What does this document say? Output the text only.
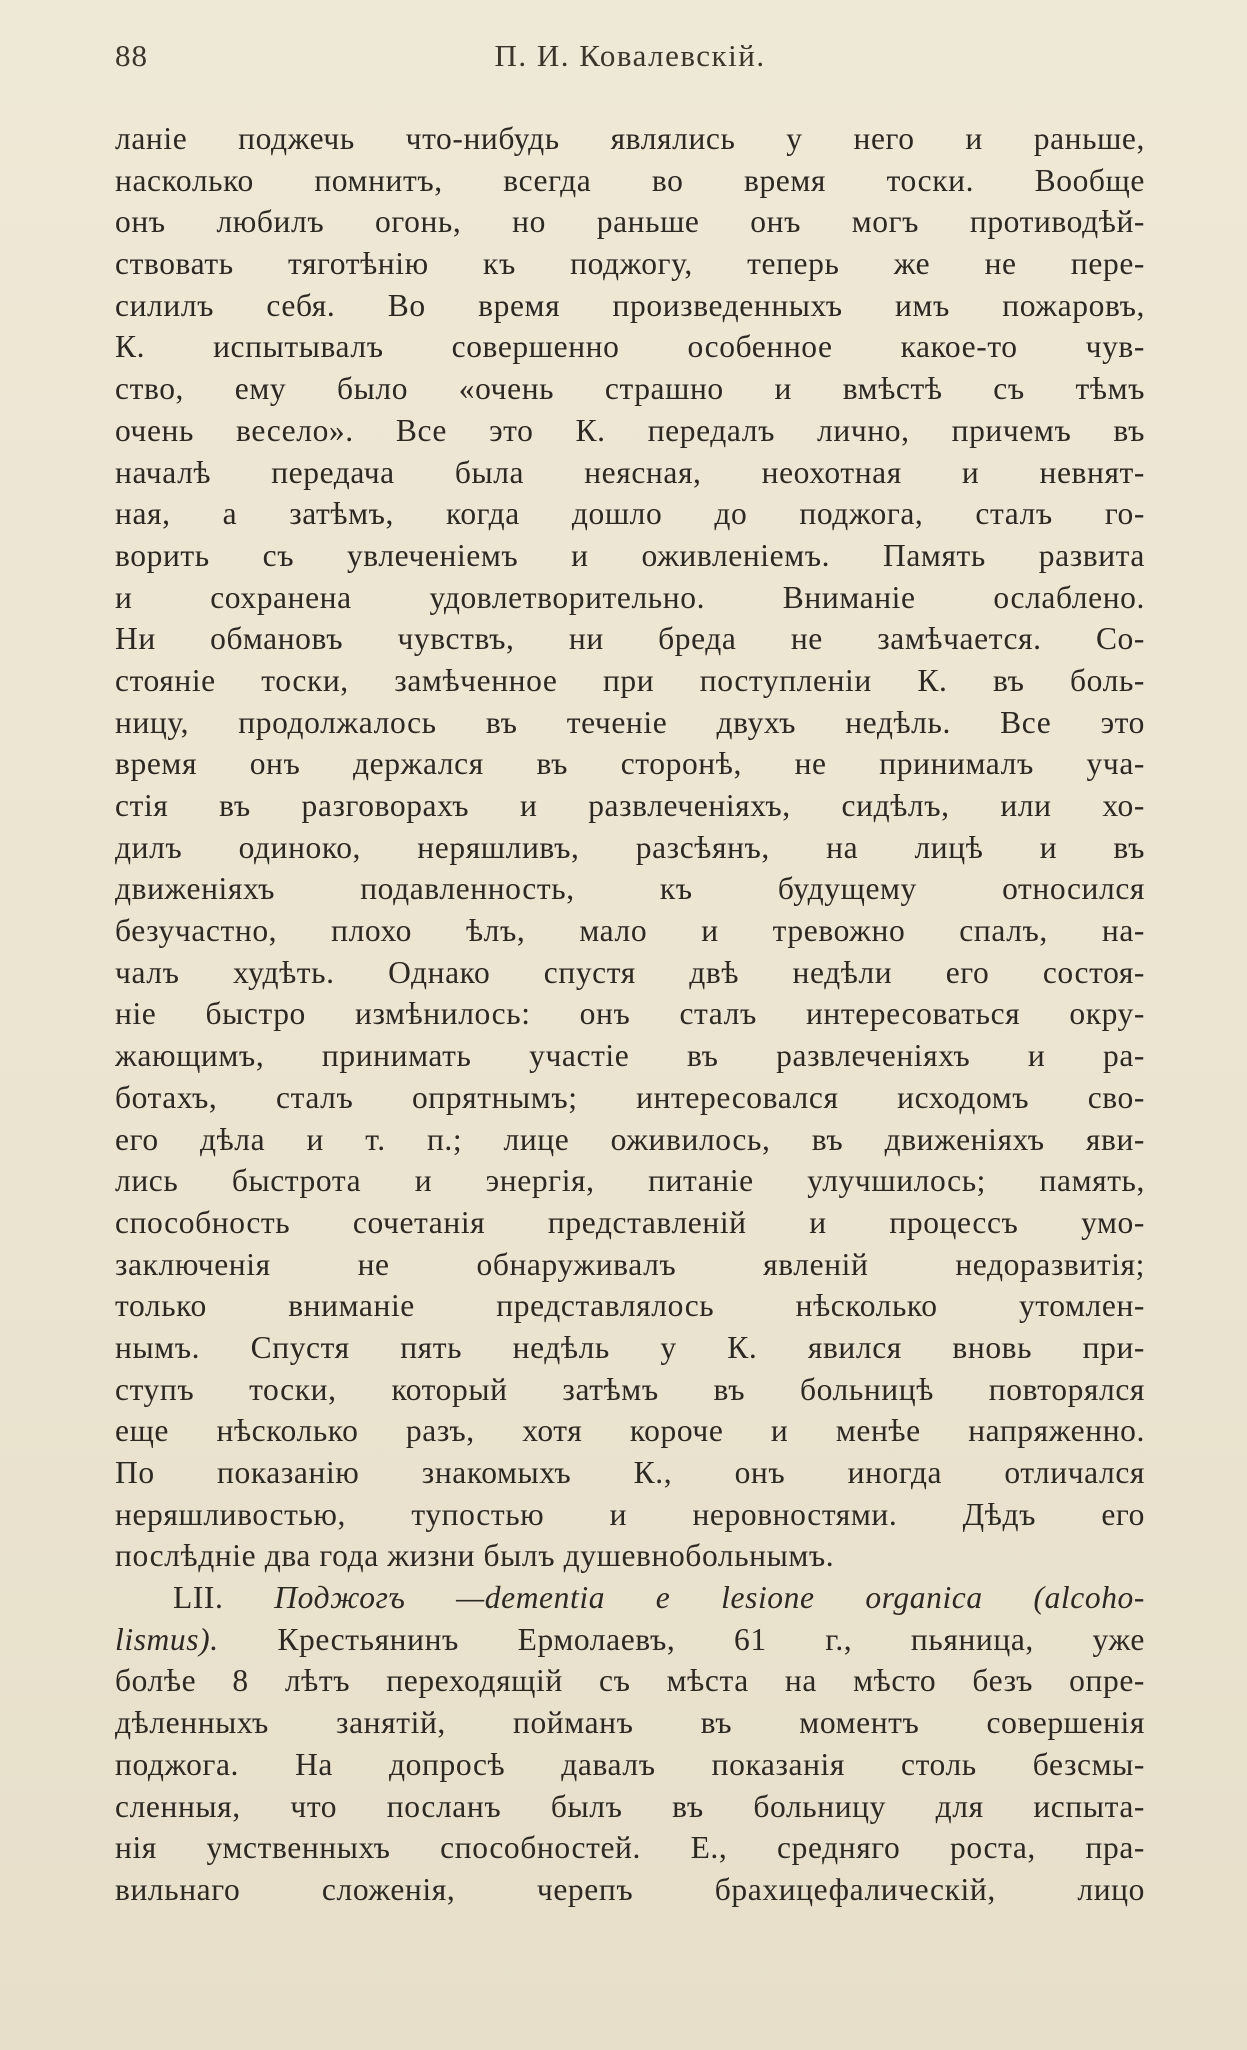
88	П. И. Ковалевскій.
ланіе поджечь что-нибудь являлись у него и раньше,
насколько помнитъ, всегда во время тоски. Вообще
онъ любилъ огонь, но раньше онъ могъ противодѣй-
ствовать тяготѣнію къ поджогу, теперь же не пере-
силилъ себя. Во время произведенныхъ имъ пожаровъ,
К. испытывалъ совершенно особенное какое-то чув-
ство, ему было «очень страшно и вмѣстѣ съ тѣмъ
очень весело». Все это К. передалъ лично, причемъ въ
началѣ передача была неясная, неохотная и невнят-
ная, а затѣмъ, когда дошло до поджога, сталъ го-
ворить съ увлеченіемъ и оживленіемъ. Память развита
и сохранена удовлетворительно. Вниманіе ослаблено.
Ни обмановъ чувствъ, ни бреда не замѣчается. Со-
стояніе тоски, замѣченное при поступленіи К. въ боль-
ницу, продолжалось въ теченіе двухъ недѣль. Все это
время онъ держался въ сторонѣ, не принималъ уча-
стія въ разговорахъ и развлеченіяхъ, сидѣлъ, или хо-
дилъ одиноко, неряшливъ, разсѣянъ, на лицѣ и въ
движеніяхъ подавленность, къ будущему относился
безучастно, плохо ѣлъ, мало и тревожно спалъ, на-
чалъ худѣть. Однако спустя двѣ недѣли его состоя-
ніе быстро измѣнилось: онъ сталъ интересоваться окру-
жающимъ, принимать участіе въ развлеченіяхъ и ра-
ботахъ, сталъ опрятнымъ; интересовался исходомъ сво-
его дѣла и т. п.; лице оживилось, въ движеніяхъ яви-
лись быстрота и энергія, питаніе улучшилось; память,
способность сочетанія представленій и процессъ умо-
заключенія не обнаруживалъ явленій недоразвитія;
только вниманіе представлялось нѣсколько утомлен-
нымъ. Спустя пять недѣль у К. явился вновь при-
ступъ тоски, который затѣмъ въ больницѣ повторялся
еще нѣсколько разъ, хотя короче и менѣе напряженно.
По показанію знакомыхъ К., онъ иногда отличался
неряшливостью, тупостью и неровностями. Дѣдъ его
послѣдніе два года жизни былъ душевнобольнымъ.
LII. Поджогъ —dementia e lesione organica (alcoho-
lismus). Крестьянинъ Ермолаевъ, 61 г., пьяница, уже
болѣе 8 лѣтъ переходящій съ мѣста на мѣсто безъ опре-
дѣленныхъ занятій, пойманъ въ моментъ совершенія
поджога. На допросѣ давалъ показанія столь безсмы-
сленныя, что посланъ былъ въ больницу для испыта-
нія умственныхъ способностей. Е., средняго роста, пра-
вильнаго сложенія, черепъ брахицефалическій, лицо
